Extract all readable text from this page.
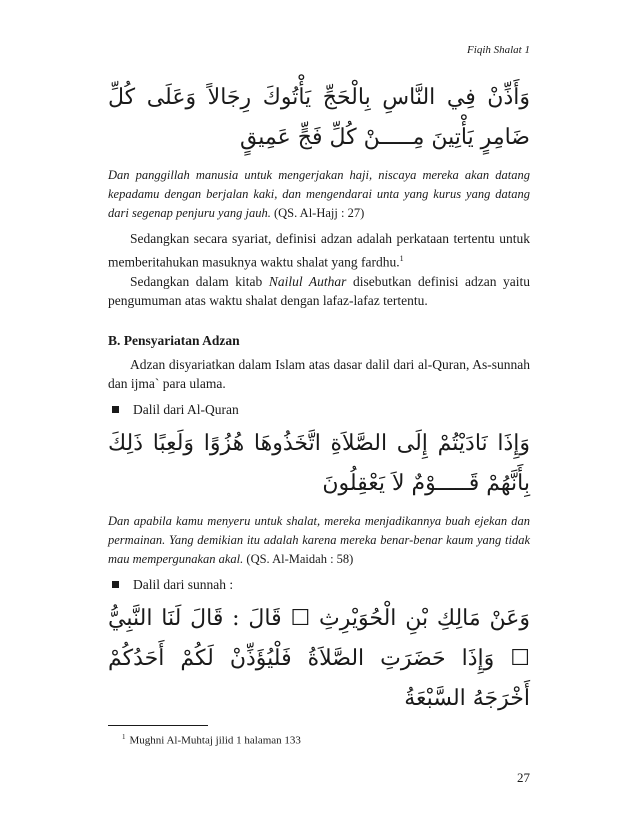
Fiqih Shalat 1
وَأَذِّنْ فِي النَّاسِ بِالْحَجِّ يَأْتُوكَ رِجَالاً وَعَلَى كُلِّ ضَامِرٍ يَأْتِينَ مِـــــنْ كُلِّ فَجٍّ عَمِيقٍ

Dan panggillah manusia untuk mengerjakan haji, niscaya mereka akan datang kepadamu dengan berjalan kaki, dan mengendarai unta yang kurus yang datang dari segenap penjuru yang jauh. (QS. Al-Hajj : 27)

Sedangkan secara syariat, definisi adzan adalah perkataan tertentu untuk memberitahukan masuknya waktu shalat yang fardhu.$^1$

Sedangkan dalam kitab Nailul Authar disebutkan definisi adzan yaitu pengumuman atas waktu shalat dengan lafaz-lafaz tertentu.

B. Pensyariatan Adzan

Adzan disyariatkan dalam Islam atas dasar dalil dari al-Quran, As-sunnah dan ijma` para ulama.

Dalil dari Al-Quran
وَإِذَا نَادَيْتُمْ إِلَى الصَّلاَةِ اتَّخَذُوهَا هُزُوًا وَلَعِبًا ذَلِكَ بِأَنَّهُمْ قَـــــوْمٌ لاَ يَعْقِلُونَ

Dan apabila kamu menyeru untuk shalat, mereka menjadikannya buah ejekan dan permainan. Yang demikian itu adalah karena mereka benar-benar kaum yang tidak mau mempergunakan akal. (QS. Al-Maidah : 58)

Dalil dari sunnah :
وَعَنْ مَالِكِ بْنِ الْحُوَيْرِثِ ☐ قَالَ : قَالَ لَنَا النَّبِيُّ ☐ وَإِذَا حَضَرَتِ الصَّلاَةُ فَلْيُؤَذِّنْ لَكُمْ أَحَدُكُمْ أَخْرَجَهُ السَّبْعَةُ
$^1$ Mughni Al-Muhtaj jilid 1 halaman 133
27
